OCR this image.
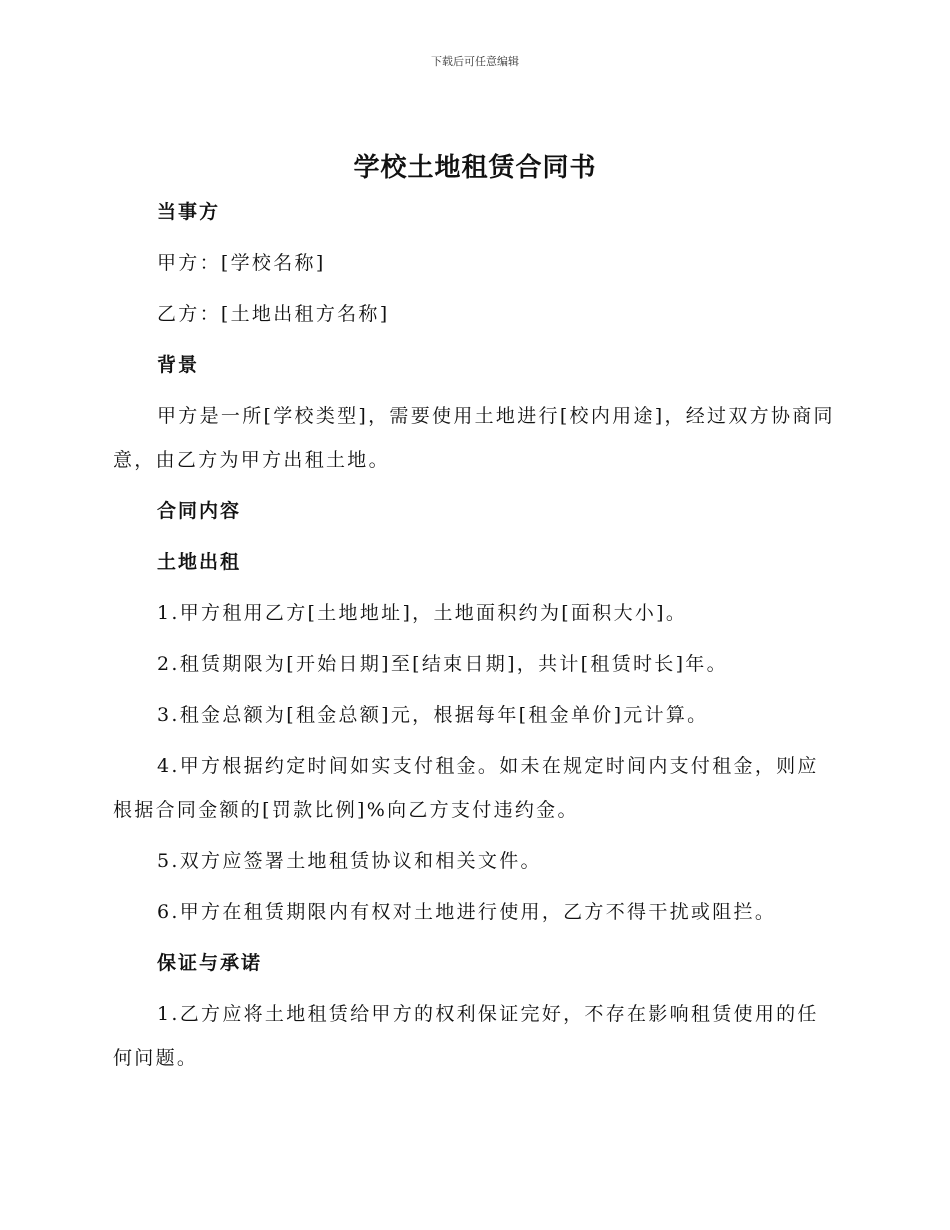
下载后可任意编辑
学校土地租赁合同书

当事方

甲方：[学校名称]

乙方：[土地出租方名称]

背景

甲方是一所[学校类型]，需要使用土地进行[校内用途]，经过双方协商同意，由乙方为甲方出租土地。

合同内容

土地出租

1.甲方租用乙方[土地地址]，土地面积约为[面积大小]。

2.租赁期限为[开始日期]至[结束日期]，共计[租赁时长]年。

3.租金总额为[租金总额]元，根据每年[租金单价]元计算。

4.甲方根据约定时间如实支付租金。如未在规定时间内支付租金，则应根据合同金额的[罚款比例]%向乙方支付违约金。

5.双方应签署土地租赁协议和相关文件。

6.甲方在租赁期限内有权对土地进行使用，乙方不得干扰或阻拦。

保证与承诺

1.乙方应将土地租赁给甲方的权利保证完好，不存在影响租赁使用的任何问题。
